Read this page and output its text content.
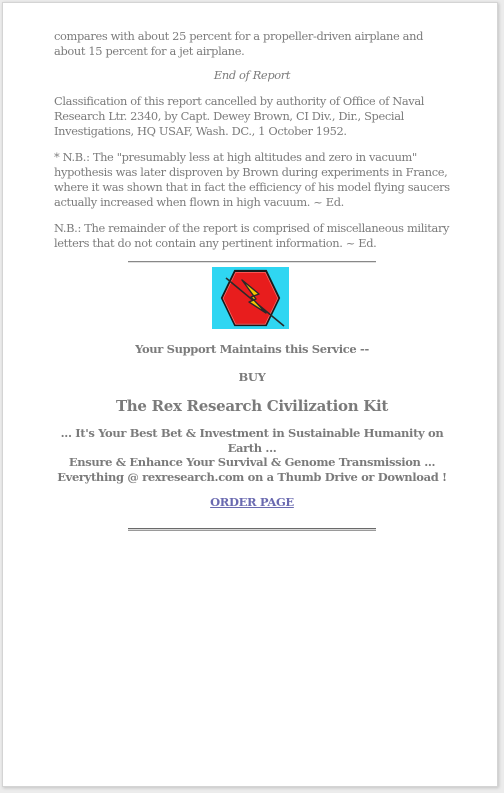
compares with about 25 percent for a propeller-driven airplane and about 15 percent for a jet airplane.

End of Report

Classification of this report cancelled by authority of Office of Naval Research Ltr. 2340, by Capt. Dewey Brown, CI Div., Dir., Special Investigations, HQ USAF, Wash. DC., 1 October 1952.

* N.B.: The "presumably less at high altitudes and zero in vacuum" hypothesis was later disproven by Brown during experiments in France, where it was shown that in fact the efficiency of his model flying saucers actually increased when flown in high vacuum. ~ Ed.

N.B.: The remainder of the report is comprised of miscellaneous military letters that do not contain any pertinent information. ~ Ed.

Your Support Maintains this Service --
BUY
The Rex Research Civilization Kit
... It's Your Best Bet & Investment in Sustainable Humanity on Earth ...
Ensure & Enhance Your Survival & Genome Transmission ...
Everything @ rexresearch.com on a Thumb Drive or Download !
ORDER PAGE
